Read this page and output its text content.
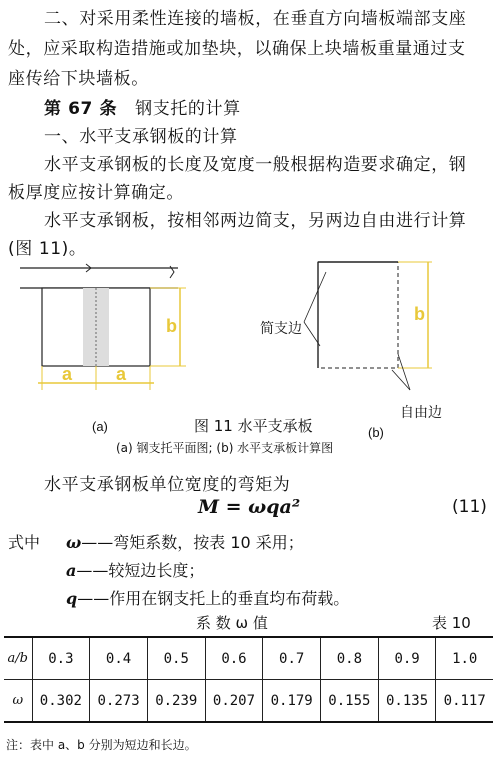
二、对采用柔性连接的墙板，在垂直方向墙板端部支座
处，应采取构造措施或加垫块，以确保上块墙板重量通过支
座传给下块墙板。
第 67 条 钢支托的计算
一、水平支承钢板的计算
水平支承钢板的长度及宽度一般根据构造要求确定，钢
板厚度应按计算确定。
水平支承钢板，按相邻两边简支，另两边自由进行计算
(图 11)。
b
a a
(a)
b
简支边
自由边
(b)
图 11 水平支承板
(a) 钢支托平面图; (b) 水平支承板计算图
水平支承钢板单位宽度的弯矩为
M = ωqa²	(11)
式中 ω——弯矩系数，按表 10 采用；
a——较短边长度；
q——作用在钢支托上的垂直均布荷载。
系 数 ω 值	表 10
a/b	0.3	0.4	0.5	0.6	0.7	0.8	0.9	1.0
ω	0.302	0.273	0.239	0.207	0.179	0.155	0.135	0.117
注：表中 a、b 分别为短边和长边。
